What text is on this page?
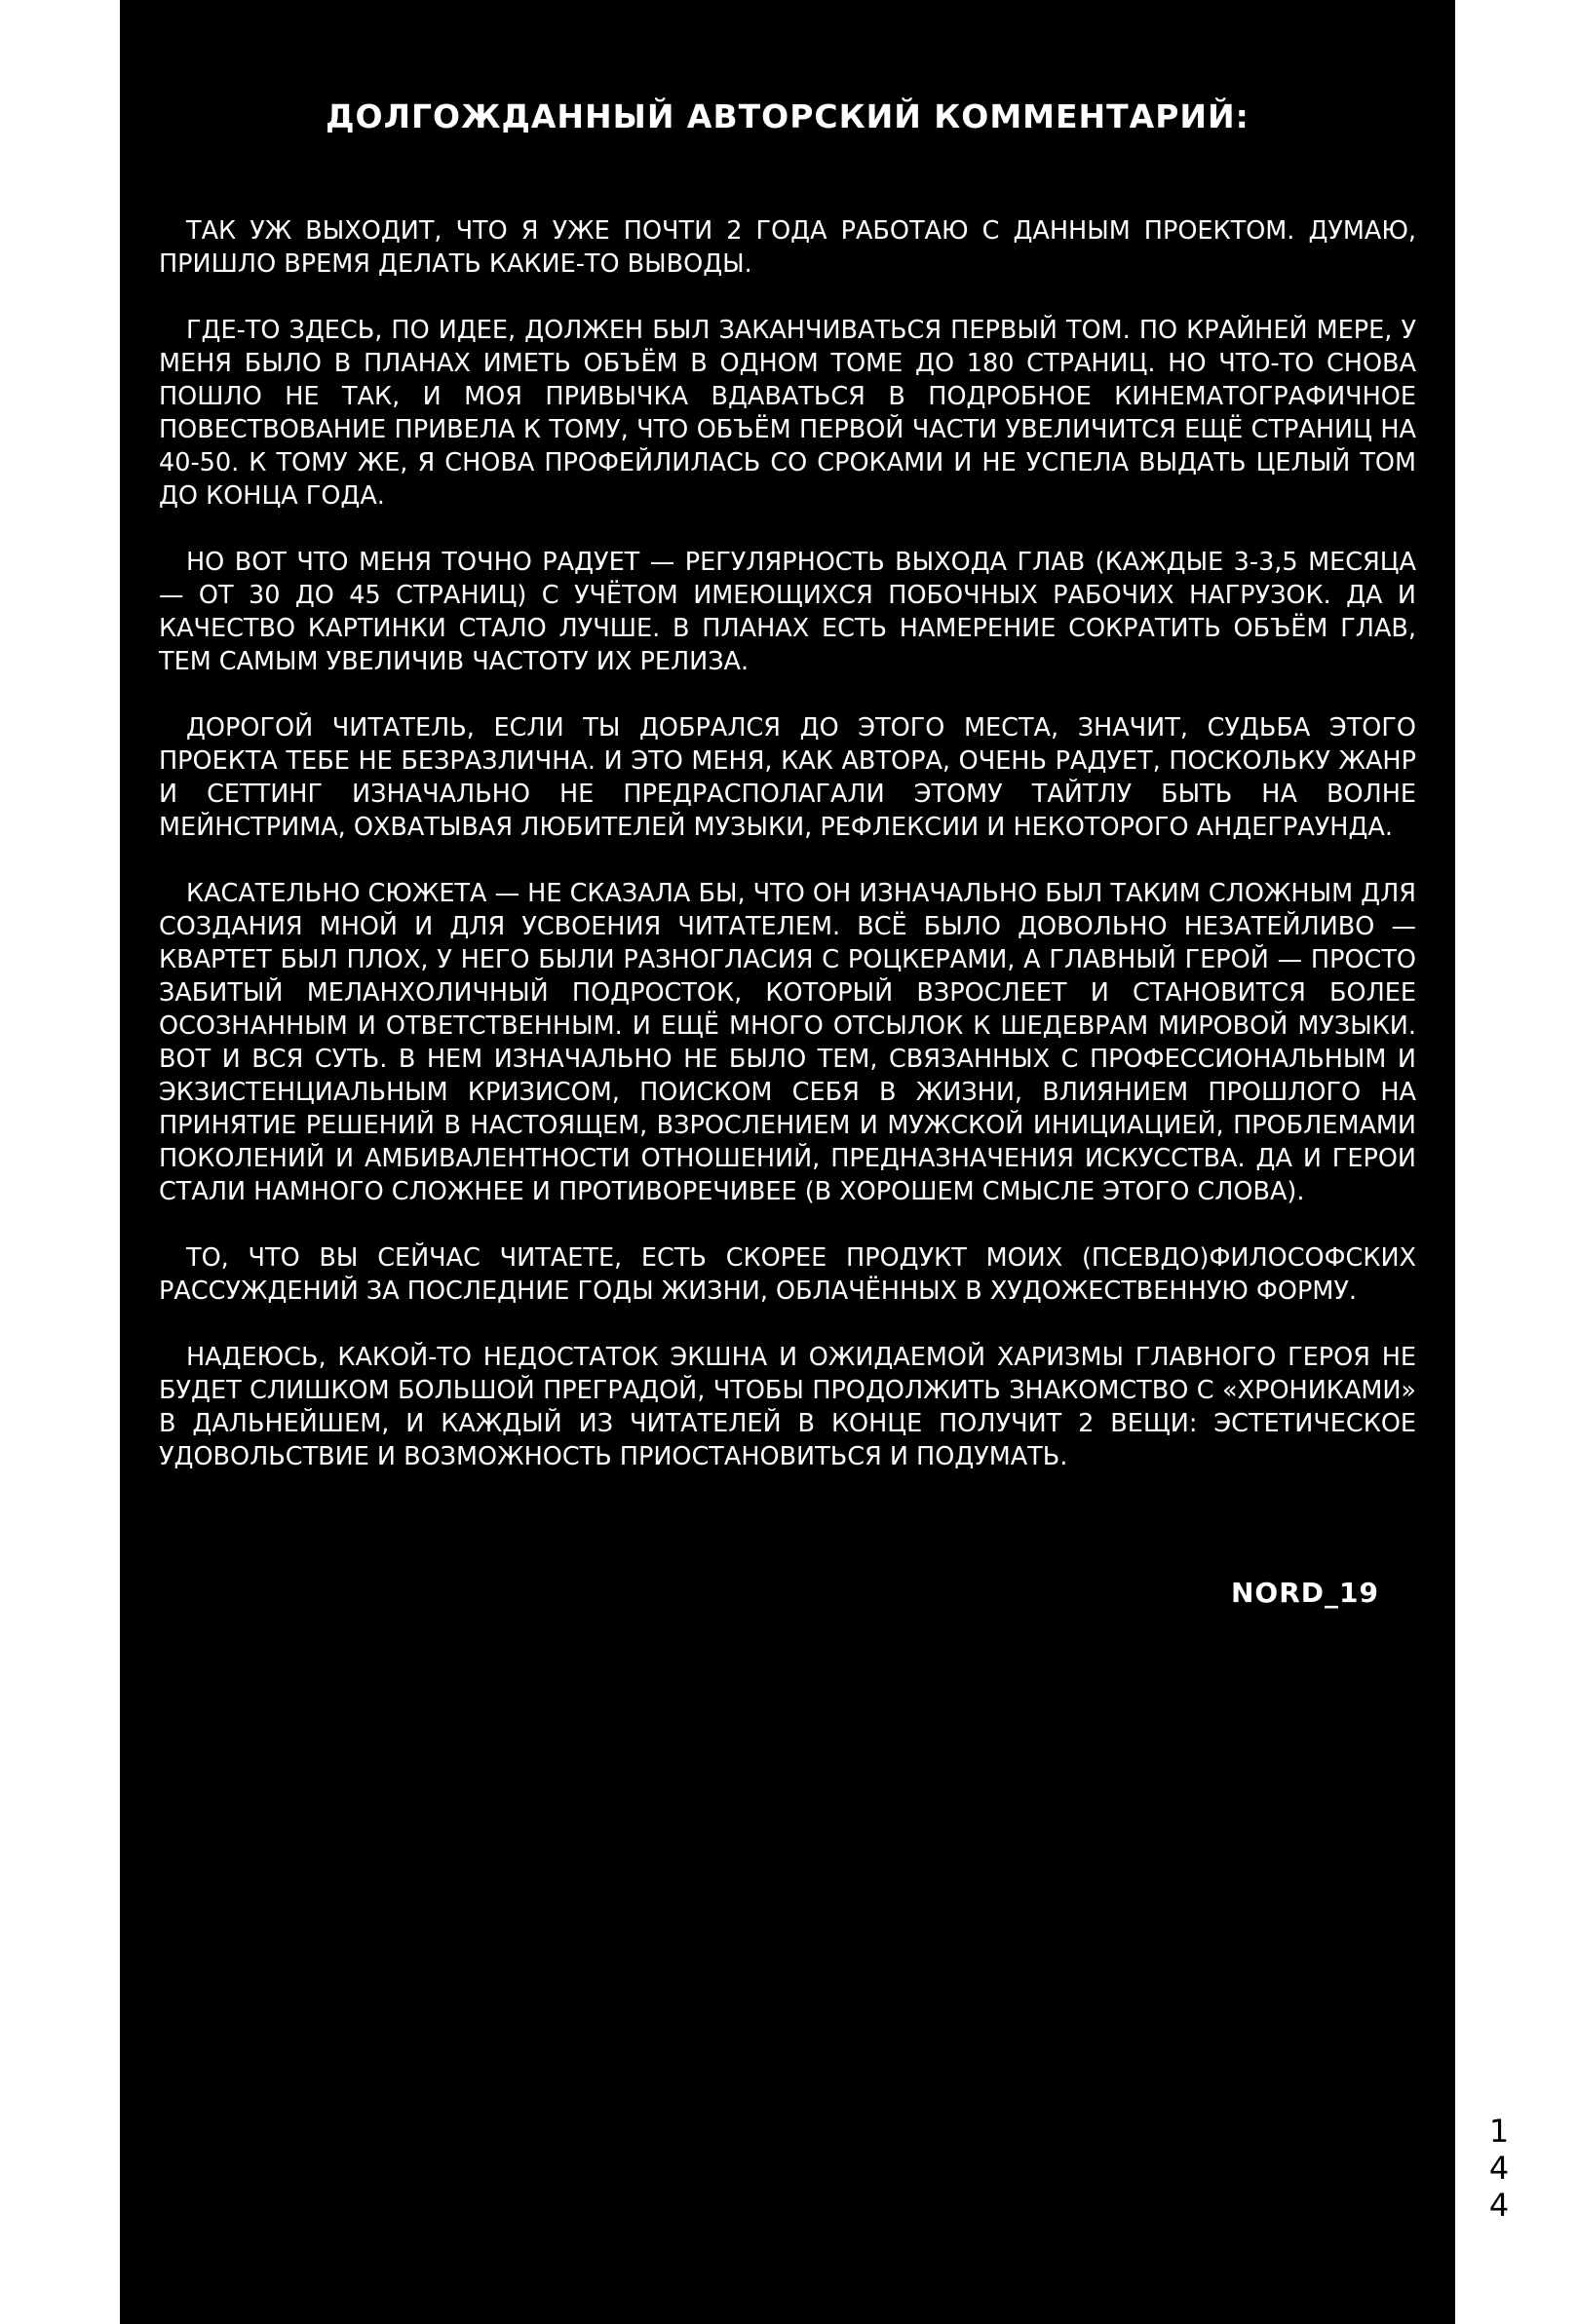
ДОЛГОЖДАННЫЙ АВТОРСКИЙ КОММЕНТАРИЙ:

ТАК УЖ ВЫХОДИТ, ЧТО Я УЖЕ ПОЧТИ 2 ГОДА РАБОТАЮ С ДАННЫМ ПРОЕКТОМ. ДУМАЮ, ПРИШЛО ВРЕМЯ ДЕЛАТЬ КАКИЕ-ТО ВЫВОДЫ.

ГДЕ-ТО ЗДЕСЬ, ПО ИДЕЕ, ДОЛЖЕН БЫЛ ЗАКАНЧИВАТЬСЯ ПЕРВЫЙ ТОМ. ПО КРАЙНЕЙ МЕРЕ, У МЕНЯ БЫЛО В ПЛАНАХ ИМЕТЬ ОБЪЁМ В ОДНОМ ТОМЕ ДО 180 СТРАНИЦ. НО ЧТО-ТО СНОВА ПОШЛО НЕ ТАК, И МОЯ ПРИВЫЧКА ВДАВАТЬСЯ В ПОДРОБНОЕ КИНЕМАТОГРАФИЧНОЕ ПОВЕСТВОВАНИЕ ПРИВЕЛА К ТОМУ, ЧТО ОБЪЁМ ПЕРВОЙ ЧАСТИ УВЕЛИЧИТСЯ ЕЩЁ СТРАНИЦ НА 40-50. К ТОМУ ЖЕ, Я СНОВА ПРОФЕЙЛИЛАСЬ СО СРОКАМИ И НЕ УСПЕЛА ВЫДАТЬ ЦЕЛЫЙ ТОМ ДО КОНЦА ГОДА.

НО ВОТ ЧТО МЕНЯ ТОЧНО РАДУЕТ — РЕГУЛЯРНОСТЬ ВЫХОДА ГЛАВ (КАЖДЫЕ 3-3,5 МЕСЯЦА — ОТ 30 ДО 45 СТРАНИЦ) С УЧЁТОМ ИМЕЮЩИХСЯ ПОБОЧНЫХ РАБОЧИХ НАГРУЗОК. ДА И КАЧЕСТВО КАРТИНКИ СТАЛО ЛУЧШЕ. В ПЛАНАХ ЕСТЬ НАМЕРЕНИЕ СОКРАТИТЬ ОБЪЁМ ГЛАВ, ТЕМ САМЫМ УВЕЛИЧИВ ЧАСТОТУ ИХ РЕЛИЗА.

ДОРОГОЙ ЧИТАТЕЛЬ, ЕСЛИ ТЫ ДОБРАЛСЯ ДО ЭТОГО МЕСТА, ЗНАЧИТ, СУДЬБА ЭТОГО ПРОЕКТА ТЕБЕ НЕ БЕЗРАЗЛИЧНА. И ЭТО МЕНЯ, КАК АВТОРА, ОЧЕНЬ РАДУЕТ, ПОСКОЛЬКУ ЖАНР И СЕТТИНГ ИЗНАЧАЛЬНО НЕ ПРЕДРАСПОЛАГАЛИ ЭТОМУ ТАЙТЛУ БЫТЬ НА ВОЛНЕ МЕЙНСТРИМА, ОХВАТЫВАЯ ЛЮБИТЕЛЕЙ МУЗЫКИ, РЕФЛЕКСИИ И НЕКОТОРОГО АНДЕГРАУНДА.

КАСАТЕЛЬНО СЮЖЕТА — НЕ СКАЗАЛА БЫ, ЧТО ОН ИЗНАЧАЛЬНО БЫЛ ТАКИМ СЛОЖНЫМ ДЛЯ СОЗДАНИЯ МНОЙ И ДЛЯ УСВОЕНИЯ ЧИТАТЕЛЕМ. ВСЁ БЫЛО ДОВОЛЬНО НЕЗАТЕЙЛИВО — КВАРТЕТ БЫЛ ПЛОХ, У НЕГО БЫЛИ РАЗНОГЛАСИЯ С РОЦКЕРАМИ, А ГЛАВНЫЙ ГЕРОЙ — ПРОСТО ЗАБИТЫЙ МЕЛАНХОЛИЧНЫЙ ПОДРОСТОК, КОТОРЫЙ ВЗРОСЛЕЕТ И СТАНОВИТСЯ БОЛЕЕ ОСОЗНАННЫМ И ОТВЕТСТВЕННЫМ. И ЕЩЁ МНОГО ОТСЫЛОК К ШЕДЕВРАМ МИРОВОЙ МУЗЫКИ. ВОТ И ВСЯ СУТЬ. В НЕМ ИЗНАЧАЛЬНО НЕ БЫЛО ТЕМ, СВЯЗАННЫХ С ПРОФЕССИОНАЛЬНЫМ И ЭКЗИСТЕНЦИАЛЬНЫМ КРИЗИСОМ, ПОИСКОМ СЕБЯ В ЖИЗНИ, ВЛИЯНИЕМ ПРОШЛОГО НА ПРИНЯТИЕ РЕШЕНИЙ В НАСТОЯЩЕМ, ВЗРОСЛЕНИЕМ И МУЖСКОЙ ИНИЦИАЦИЕЙ, ПРОБЛЕМАМИ ПОКОЛЕНИЙ И АМБИВАЛЕНТНОСТИ ОТНОШЕНИЙ, ПРЕДНАЗНАЧЕНИЯ ИСКУССТВА. ДА И ГЕРОИ СТАЛИ НАМНОГО СЛОЖНЕЕ И ПРОТИВОРЕЧИВЕЕ (В ХОРОШЕМ СМЫСЛЕ ЭТОГО СЛОВА).

ТО, ЧТО ВЫ СЕЙЧАС ЧИТАЕТЕ, ЕСТЬ СКОРЕЕ ПРОДУКТ МОИХ (ПСЕВДО)ФИЛОСОФСКИХ РАССУЖДЕНИЙ ЗА ПОСЛЕДНИЕ ГОДЫ ЖИЗНИ, ОБЛАЧЁННЫХ В ХУДОЖЕСТВЕННУЮ ФОРМУ.

НАДЕЮСЬ, КАКОЙ-ТО НЕДОСТАТОК ЭКШНА И ОЖИДАЕМОЙ ХАРИЗМЫ ГЛАВНОГО ГЕРОЯ НЕ БУДЕТ СЛИШКОМ БОЛЬШОЙ ПРЕГРАДОЙ, ЧТОБЫ ПРОДОЛЖИТЬ ЗНАКОМСТВО С «ХРОНИКАМИ» В ДАЛЬНЕЙШЕМ, И КАЖДЫЙ ИЗ ЧИТАТЕЛЕЙ В КОНЦЕ ПОЛУЧИТ 2 ВЕЩИ: ЭСТЕТИЧЕСКОЕ УДОВОЛЬСТВИЕ И ВОЗМОЖНОСТЬ ПРИОСТАНОВИТЬСЯ И ПОДУМАТЬ.

NORD_19
144
